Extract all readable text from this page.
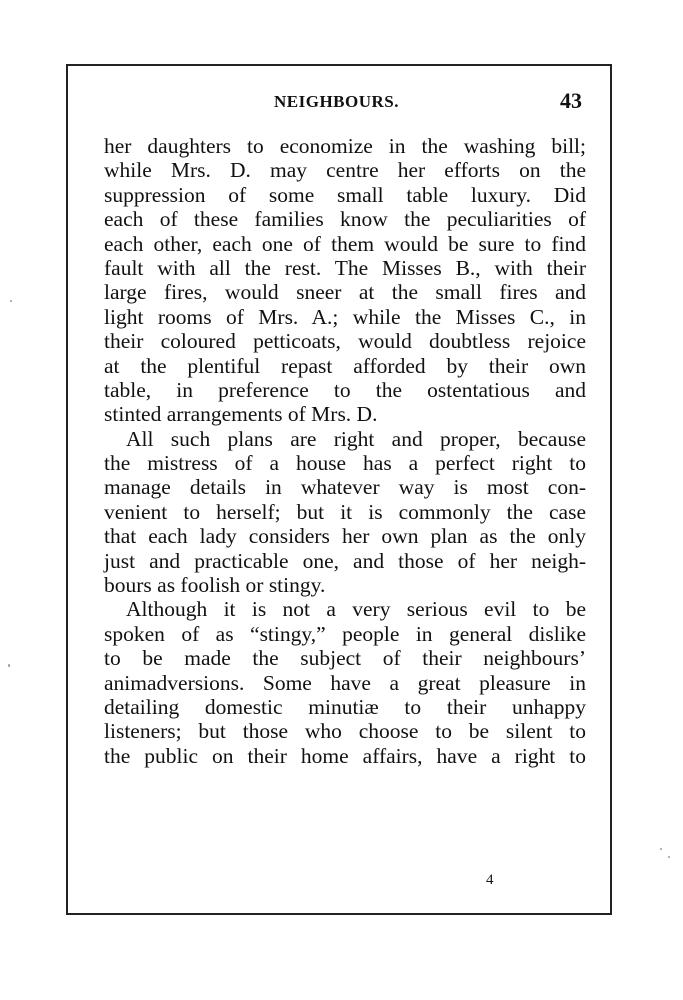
NEIGHBOURS.	43
her daughters to economize in the washing bill;
while Mrs. D. may centre her efforts on the
suppression of some small table luxury. Did
each of these families know the peculiarities of
each other, each one of them would be sure to find
fault with all the rest. The Misses B., with their
large fires, would sneer at the small fires and
light rooms of Mrs. A.; while the Misses C., in
their coloured petticoats, would doubtless rejoice
at the plentiful repast afforded by their own
table, in preference to the ostentatious and
stinted arrangements of Mrs. D.
All such plans are right and proper, because
the mistress of a house has a perfect right to
manage details in whatever way is most con-
venient to herself; but it is commonly the case
that each lady considers her own plan as the only
just and practicable one, and those of her neigh-
bours as foolish or stingy.
Although it is not a very serious evil to be
spoken of as “stingy,” people in general dislike
to be made the subject of their neighbours’
animadversions. Some have a great pleasure in
detailing domestic minutiæ to their unhappy
listeners; but those who choose to be silent to
the public on their home affairs, have a right to
4
